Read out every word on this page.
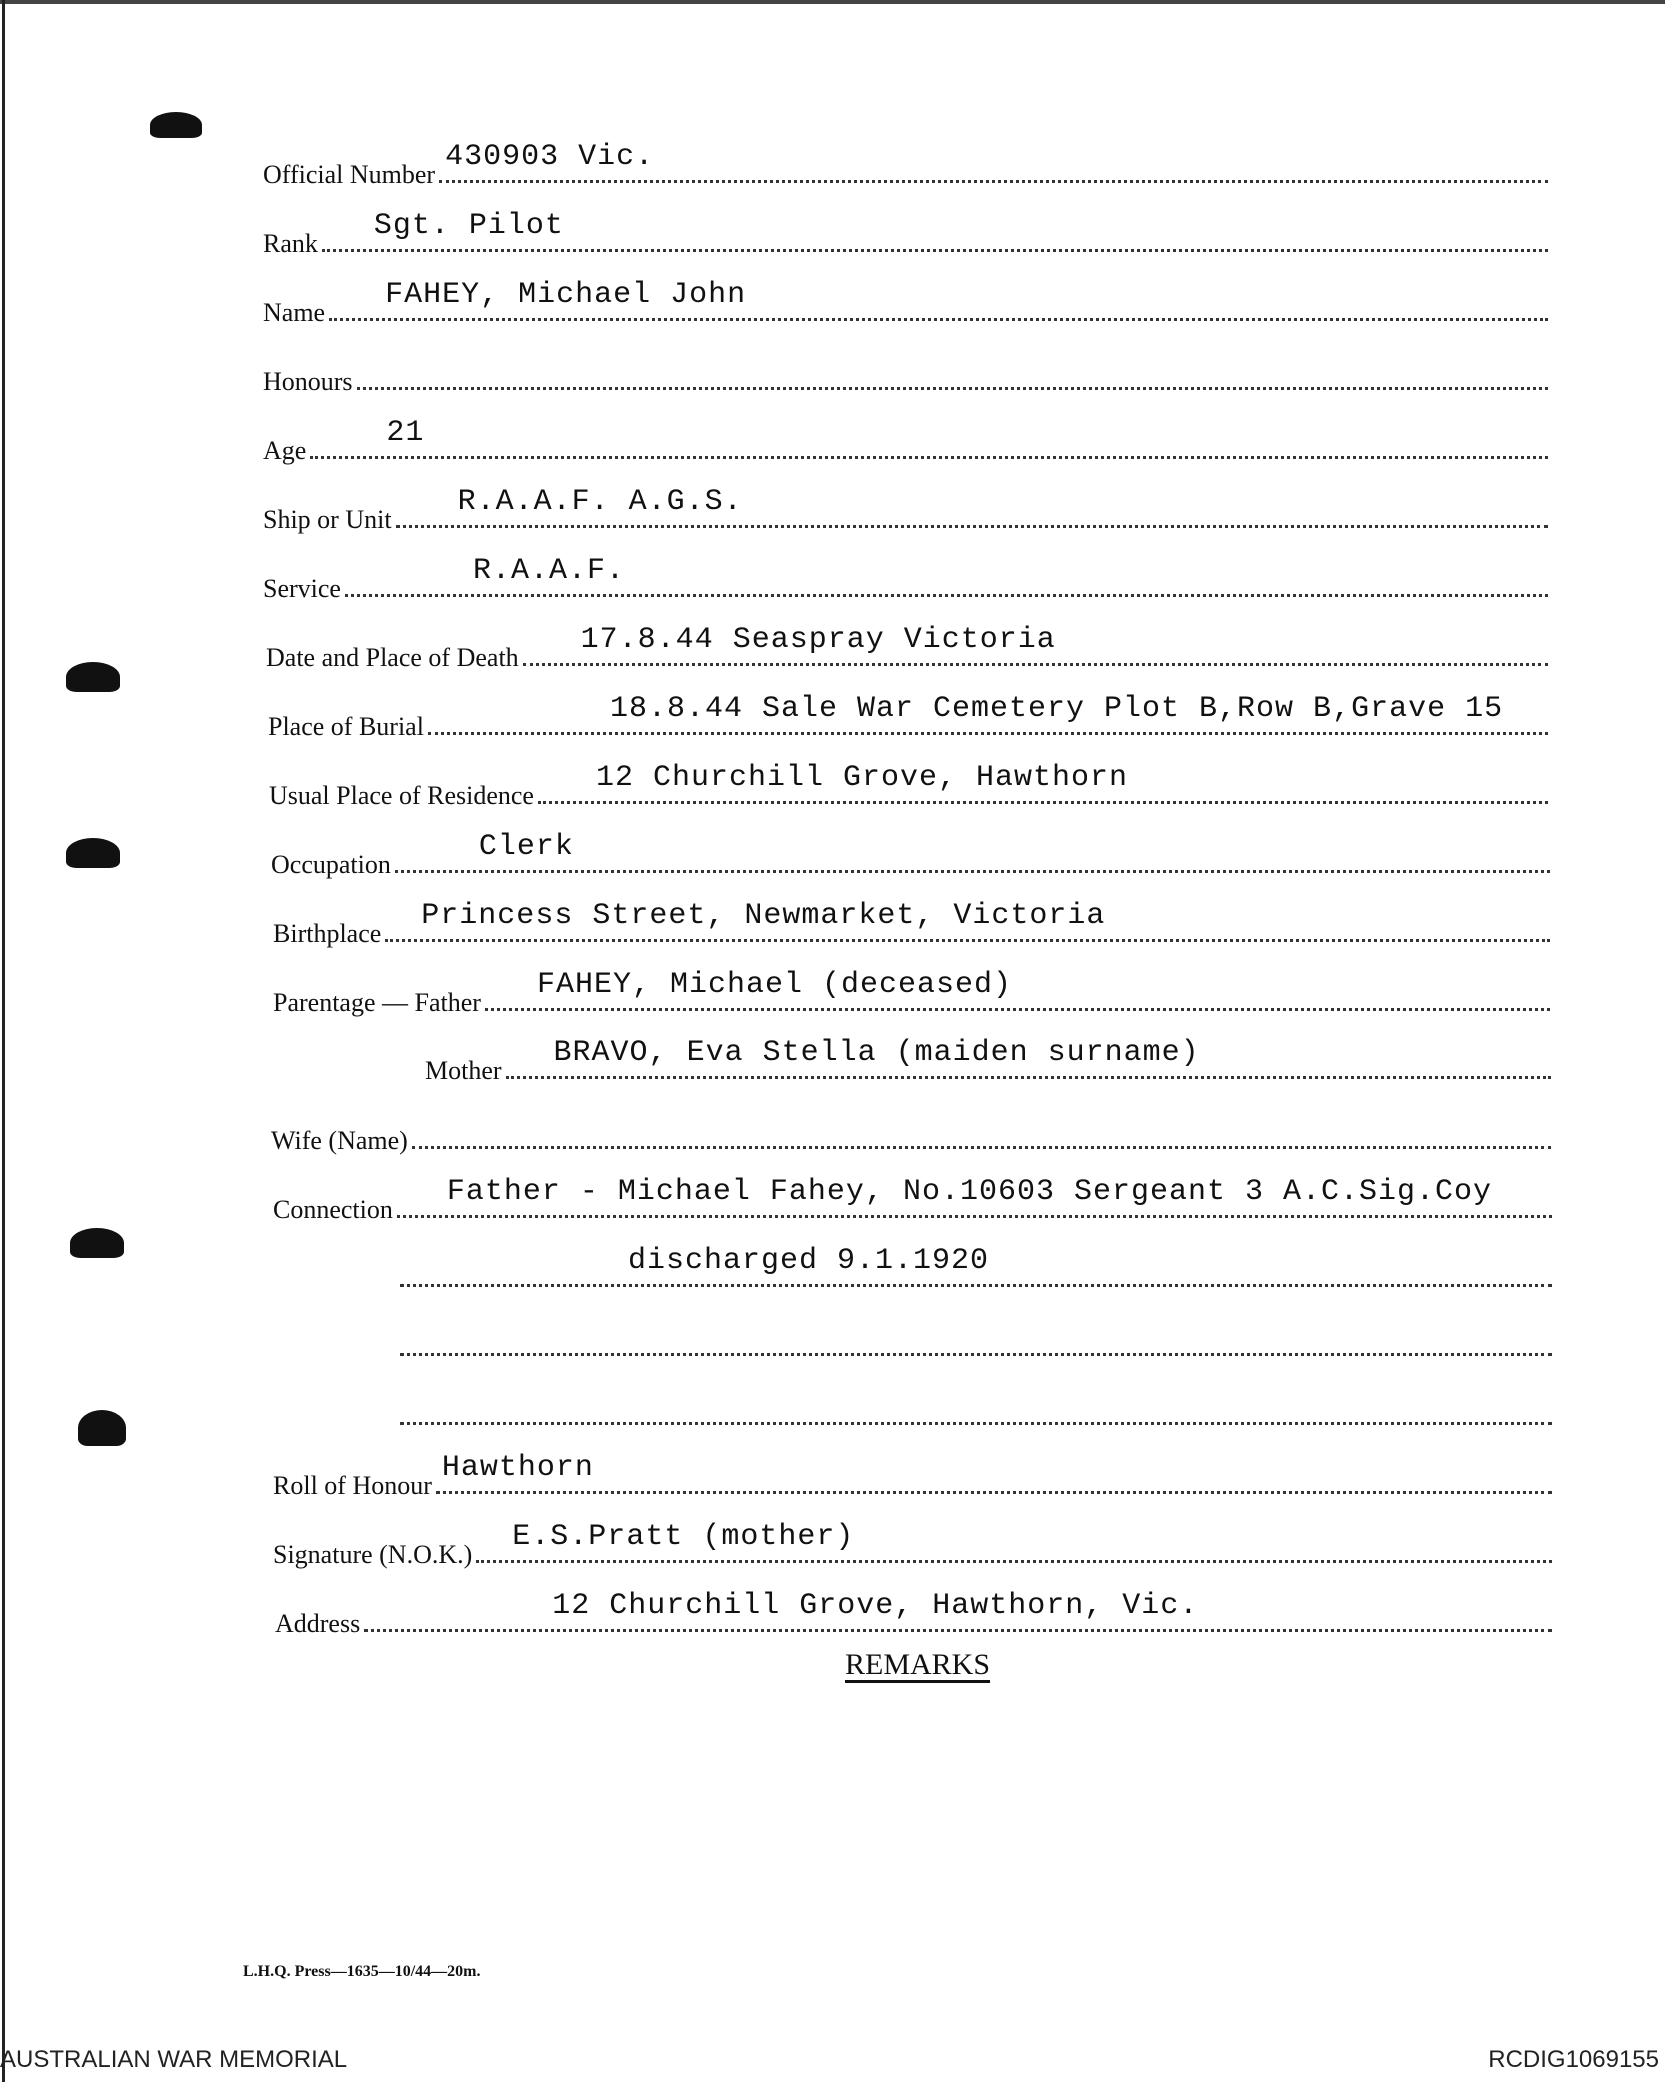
Official Number
430903 Vic.
Rank
Sgt. Pilot
Name
FAHEY, Michael John
Honours
Age
21
Ship or Unit
R.A.A.F. A.G.S.
Service
R.A.A.F.
Date and Place of Death
17.8.44 Seaspray Victoria
Place of Burial
18.8.44 Sale War Cemetery Plot B,Row B,Grave 15
Usual Place of Residence
12 Churchill Grove, Hawthorn
Occupation
Clerk
Birthplace
Princess Street, Newmarket, Victoria
Parentage — Father
FAHEY, Michael (deceased)
Mother
BRAVO, Eva Stella (maiden surname)
Wife (Name)
Connection
Father - Michael Fahey, No.10603 Sergeant 3 A.C.Sig.Coy
discharged 9.1.1920
Roll of Honour
Hawthorn
Signature (N.O.K.)
E.S.Pratt (mother)
Address
12 Churchill Grove, Hawthorn, Vic.
REMARKS
L.H.Q. Press—1635—10/44—20m.
AUSTRALIAN WAR MEMORIAL	RCDIG1069155
